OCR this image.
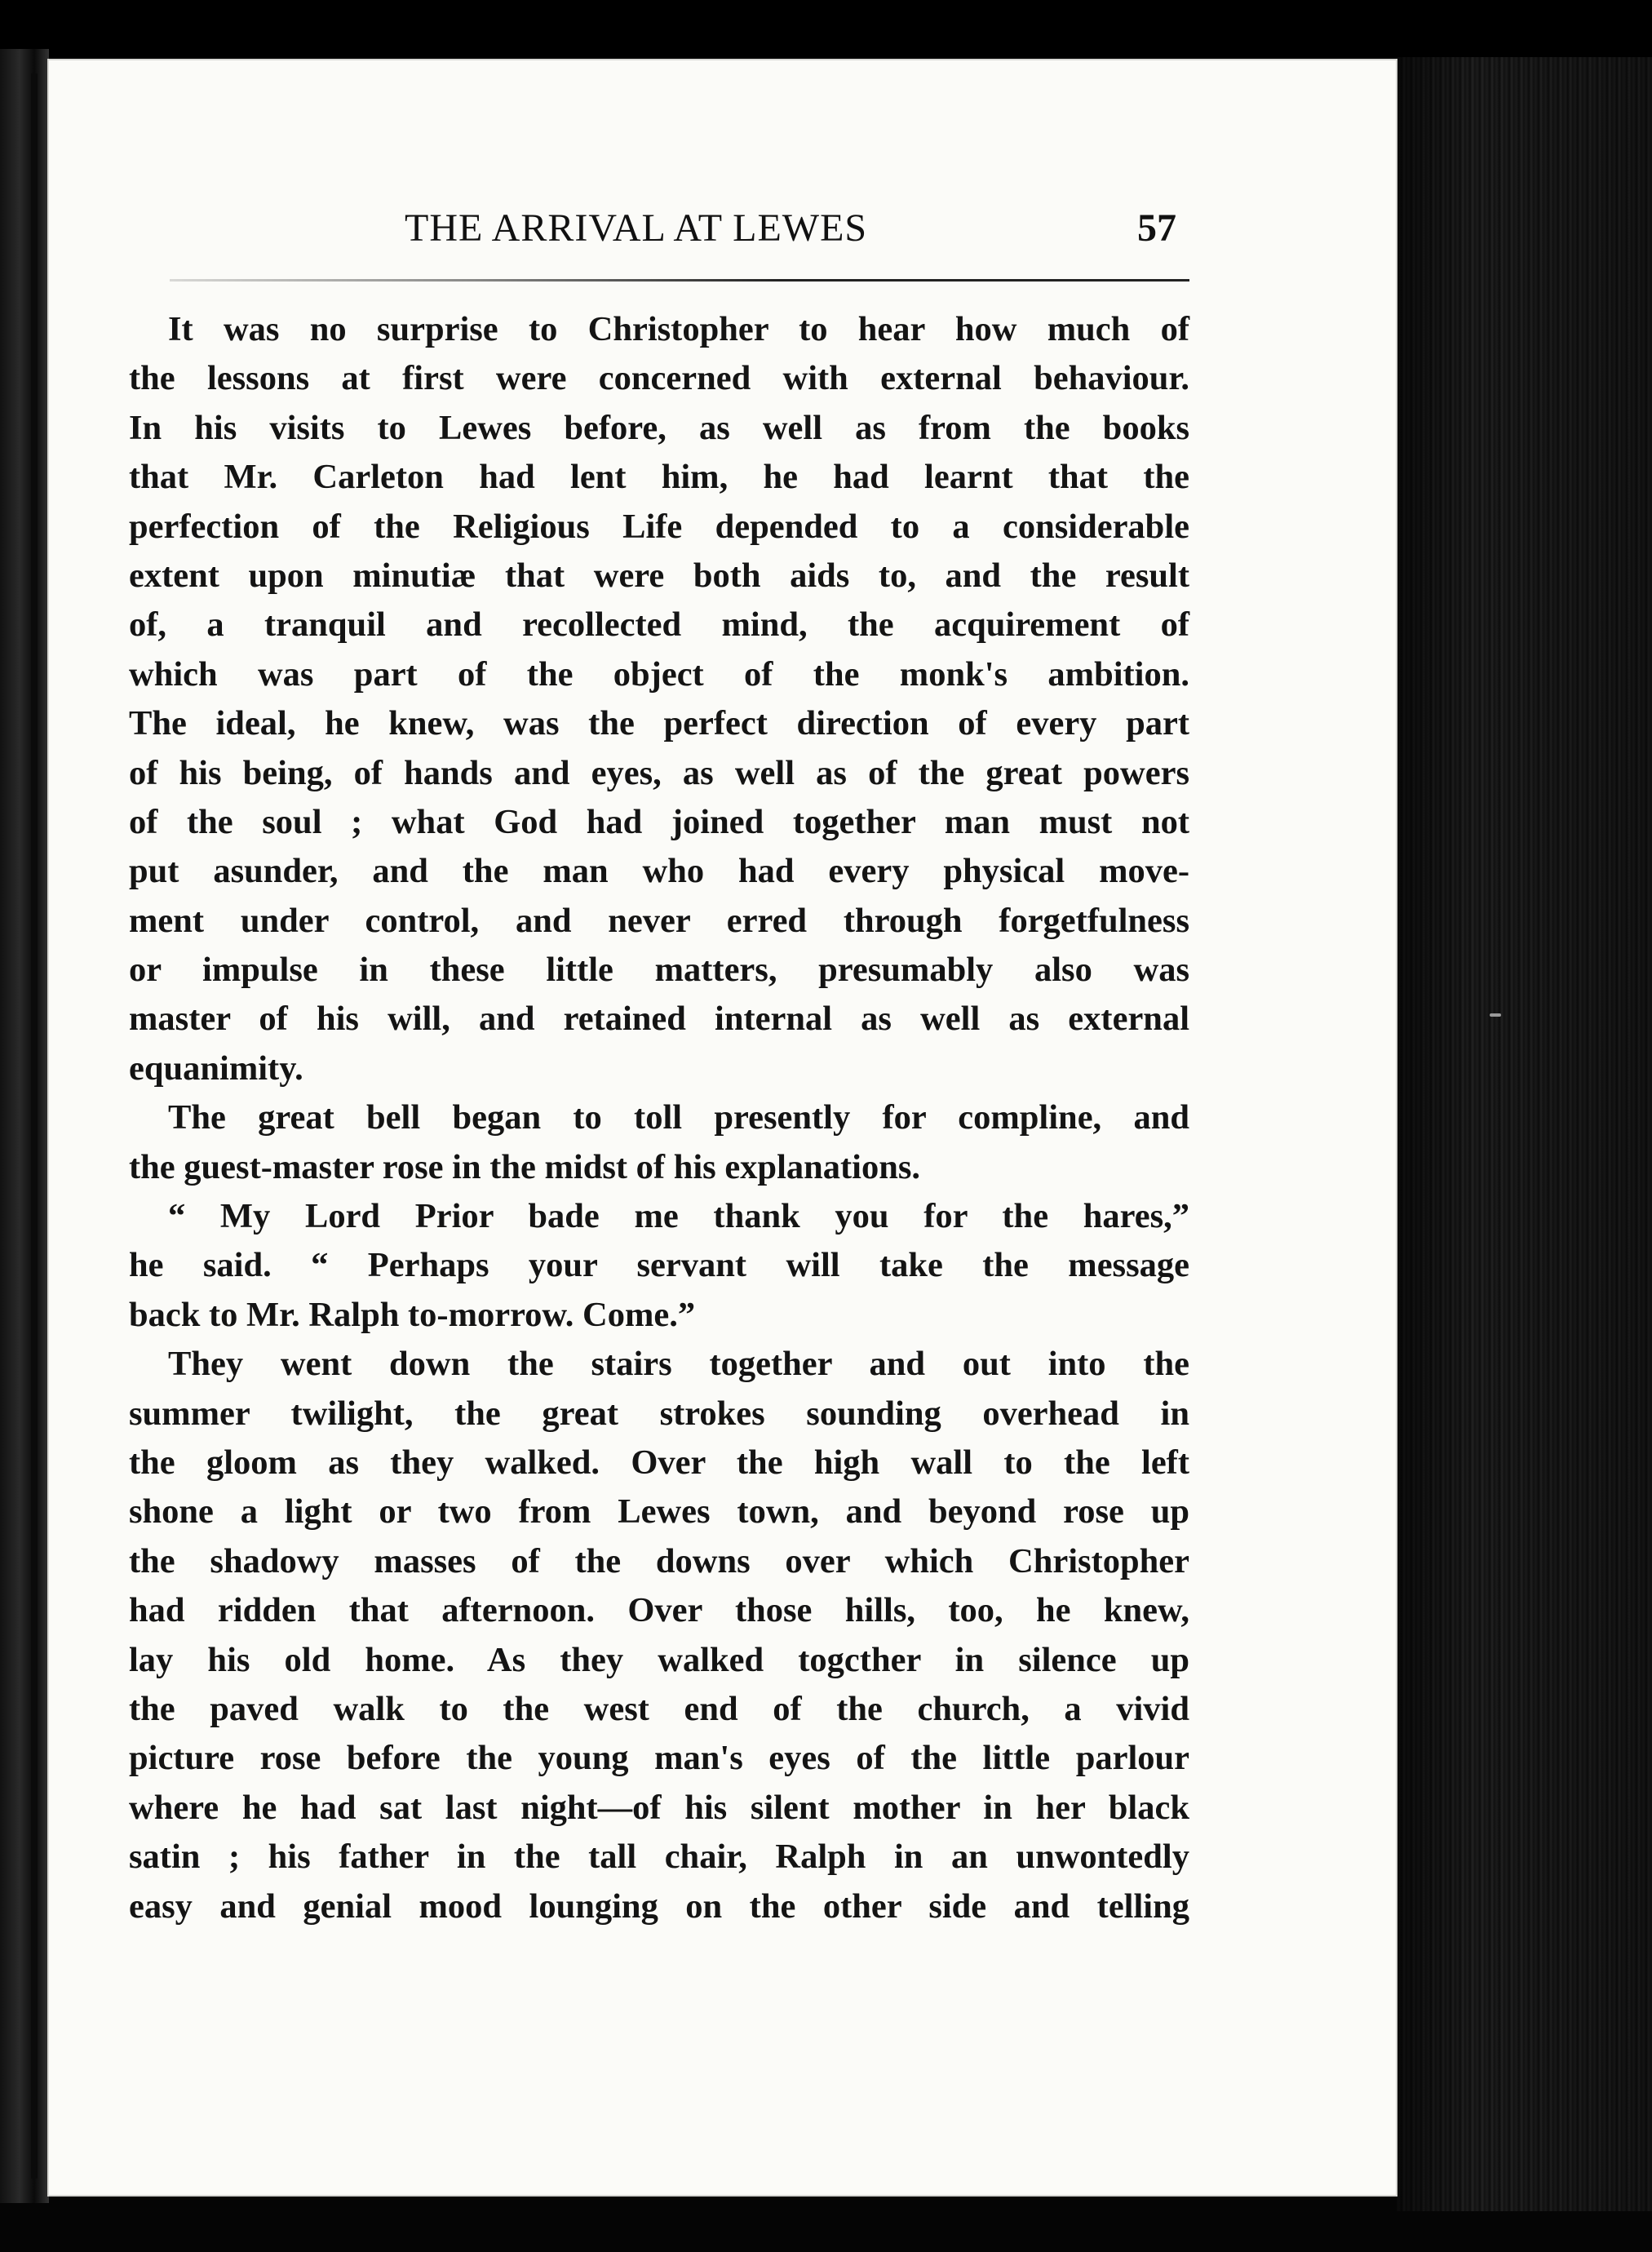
THE ARRIVAL AT LEWES	57
It was no surprise to Christopher to hear how much of
the lessons at first were concerned with external behaviour.
In his visits to Lewes before, as well as from the books
that Mr. Carleton had lent him, he had learnt that the
perfection of the Religious Life depended to a considerable
extent upon minutiæ that were both aids to, and the result
of, a tranquil and recollected mind, the acquirement of
which was part of the object of the monk's ambition.
The ideal, he knew, was the perfect direction of every part
of his being, of hands and eyes, as well as of the great powers
of the soul ; what God had joined together man must not
put asunder, and the man who had every physical move-
ment under control, and never erred through forgetfulness
or impulse in these little matters, presumably also was
master of his will, and retained internal as well as external
equanimity.
The great bell began to toll presently for compline, and
the guest-master rose in the midst of his explanations.
“ My Lord Prior bade me thank you for the hares,”
he said. “ Perhaps your servant will take the message
back to Mr. Ralph to-morrow. Come.”
They went down the stairs together and out into the
summer twilight, the great strokes sounding overhead in
the gloom as they walked. Over the high wall to the left
shone a light or two from Lewes town, and beyond rose up
the shadowy masses of the downs over which Christopher
had ridden that afternoon. Over those hills, too, he knew,
lay his old home. As they walked togcther in silence up
the paved walk to the west end of the church, a vivid
picture rose before the young man's eyes of the little parlour
where he had sat last night—of his silent mother in her black
satin ; his father in the tall chair, Ralph in an unwontedly
easy and genial mood lounging on the other side and telling
